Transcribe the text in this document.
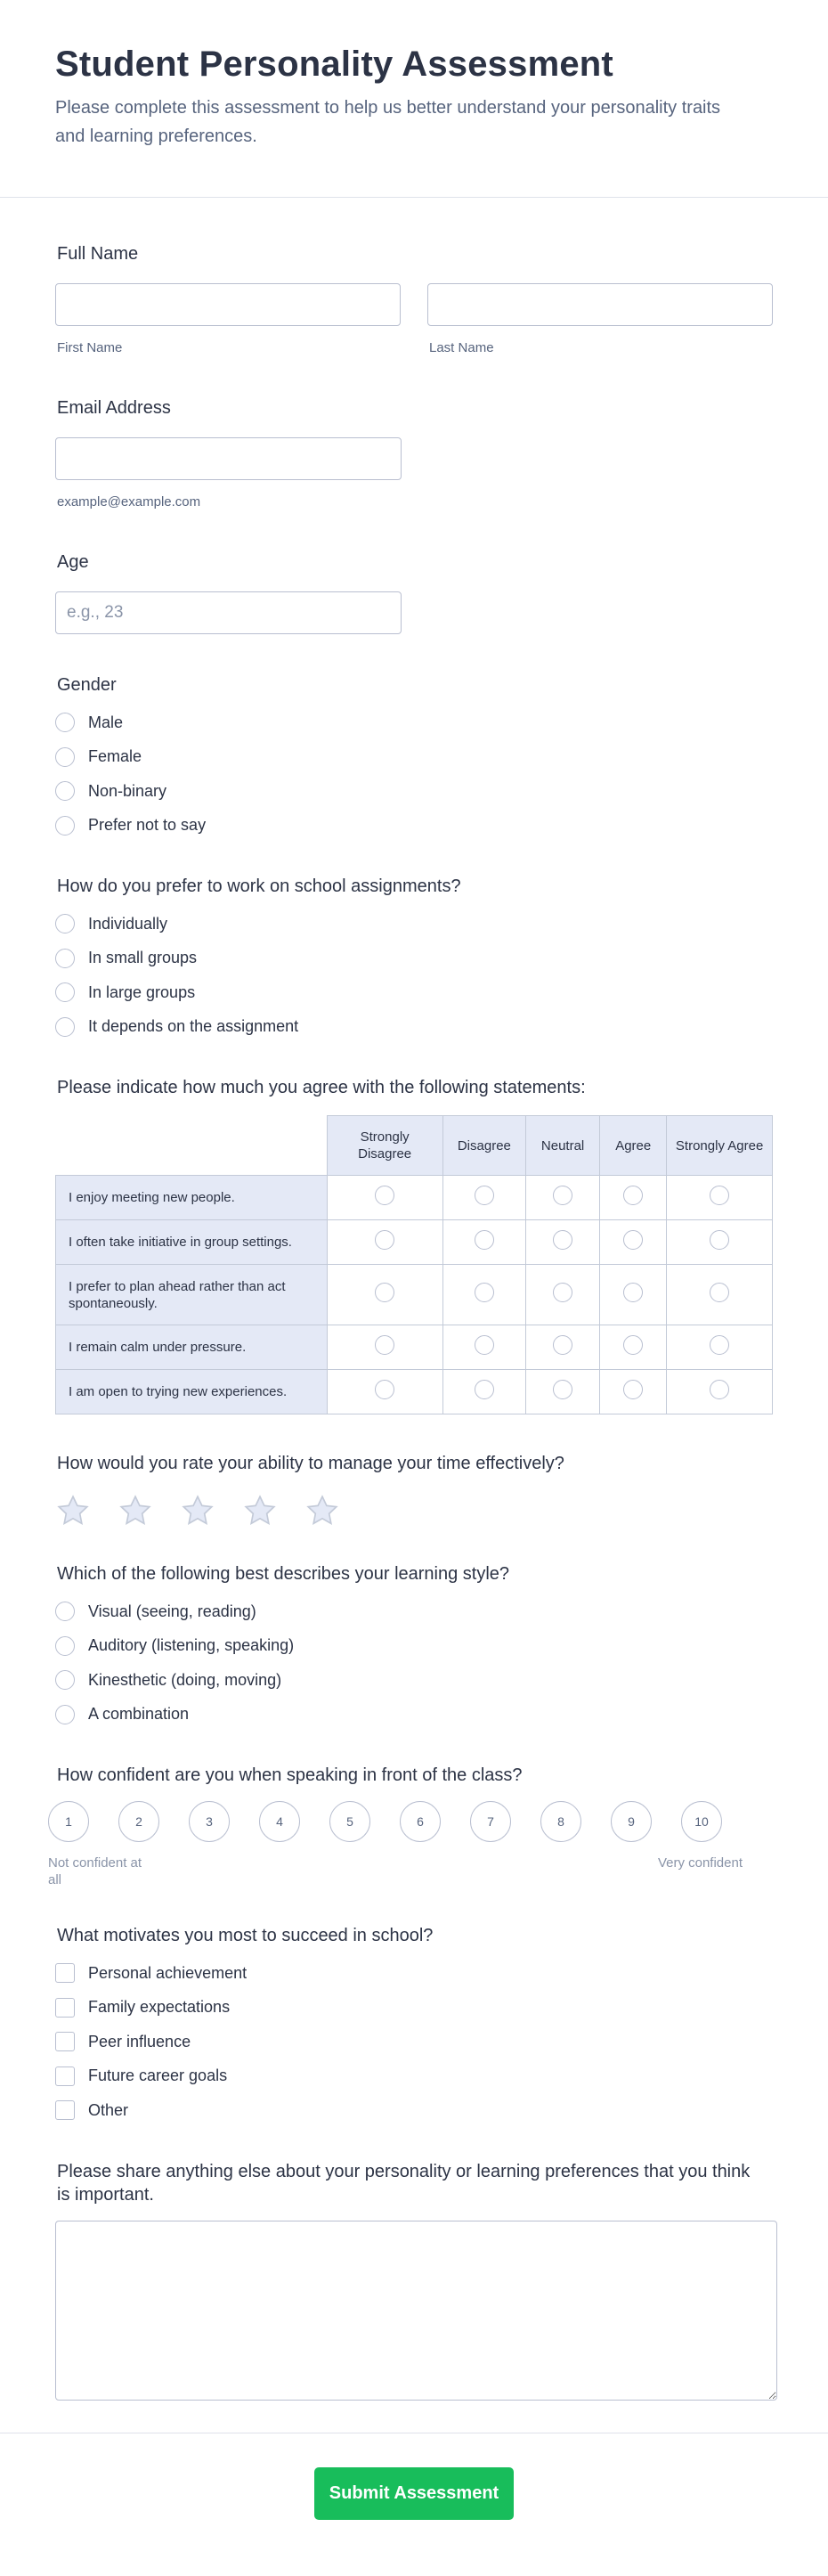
Student Personality Assessment

Please complete this assessment to help us better understand your personality traits and learning preferences.

Full Name
First Name	Last Name
Email Address
example@example.com
Age
e.g., 23
Gender
Male
Female
Non-binary
Prefer not to say
How do you prefer to work on school assignments?
Individually
In small groups
In large groups
It depends on the assignment
Please indicate how much you agree with the following statements:
	Strongly Disagree	Disagree	Neutral	Agree	Strongly Agree
I enjoy meeting new people.					
I often take initiative in group settings.					
I prefer to plan ahead rather than act spontaneously.					
I remain calm under pressure.					
I am open to trying new experiences.					
How would you rate your ability to manage your time effectively?
Which of the following best describes your learning style?
Visual (seeing, reading)
Auditory (listening, speaking)
Kinesthetic (doing, moving)
A combination
How confident are you when speaking in front of the class?
1	2	3	4	5	6	7	8	9	10
Not confident at all
Very confident
What motivates you most to succeed in school?
Personal achievement
Family expectations
Peer influence
Future career goals
Other
Please share anything else about your personality or learning preferences that you think is important.
Submit Assessment
